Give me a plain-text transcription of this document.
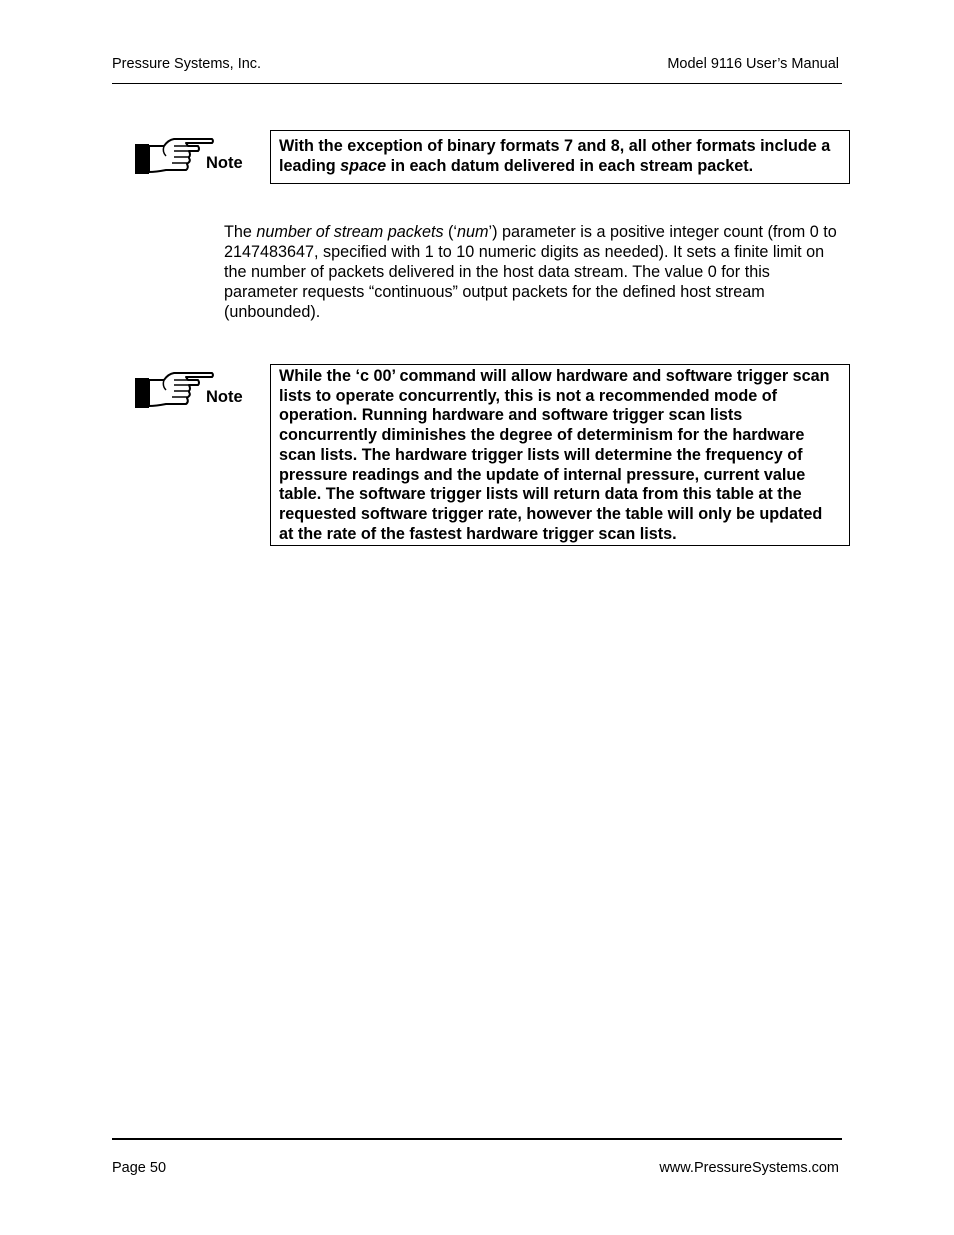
Pressure Systems, Inc.	Model 9116 User’s Manual
Note
With the exception of binary formats 7 and 8, all other formats include a leading space in each datum delivered in each stream packet.
The number of stream packets (‘num’) parameter is a positive integer count (from 0 to 2147483647, specified with 1 to 10 numeric digits as needed). It sets a finite limit on the number of packets delivered in the host data stream. The value 0 for this parameter requests “continuous” output packets for the defined host stream (unbounded).
Note
While the ‘c 00’ command will allow hardware and software trigger scan lists to operate concurrently, this is not a recommended mode of operation. Running hardware and software trigger scan lists concurrently diminishes the degree of determinism for the hardware scan lists. The hardware trigger lists will determine the frequency of pressure readings and the update of internal pressure, current value table. The software trigger lists will return data from this table at the requested software trigger rate, however the table will only be updated at the rate of the fastest hardware trigger scan lists.
Page 50	www.PressureSystems.com
